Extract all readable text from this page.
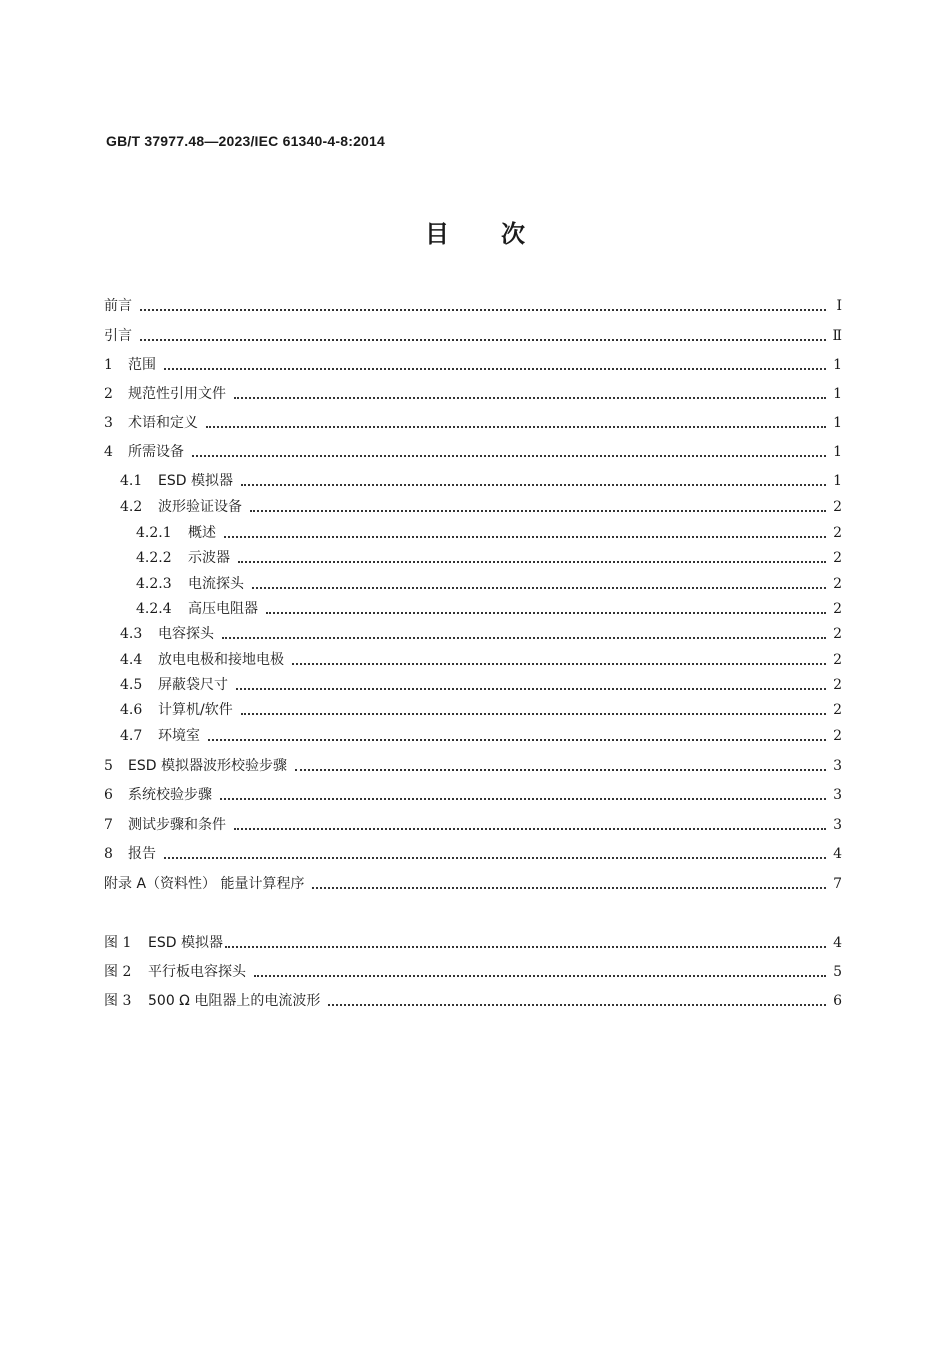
GB/T 37977.48—2023/IEC 61340-4-8:2014
目 次
前言	Ⅰ
引言	Ⅱ
1	范围	1
2	规范性引用文件	1
3	术语和定义	1
4	所需设备	1
4.1	ESD 模拟器	1
4.2	波形验证设备	2
4.2.1	概述	2
4.2.2	示波器	2
4.2.3	电流探头	2
4.2.4	高压电阻器	2
4.3	电容探头	2
4.4	放电电极和接地电极	2
4.5	屏蔽袋尺寸	2
4.6	计算机/软件	2
4.7	环境室	2
5	ESD 模拟器波形校验步骤	3
6	系统校验步骤	3
7	测试步骤和条件	3
8	报告	4
附录 A（资料性） 能量计算程序	7
图 1	ESD 模拟器	4
图 2	平行板电容探头	5
图 3	500 Ω 电阻器上的电流波形	6
